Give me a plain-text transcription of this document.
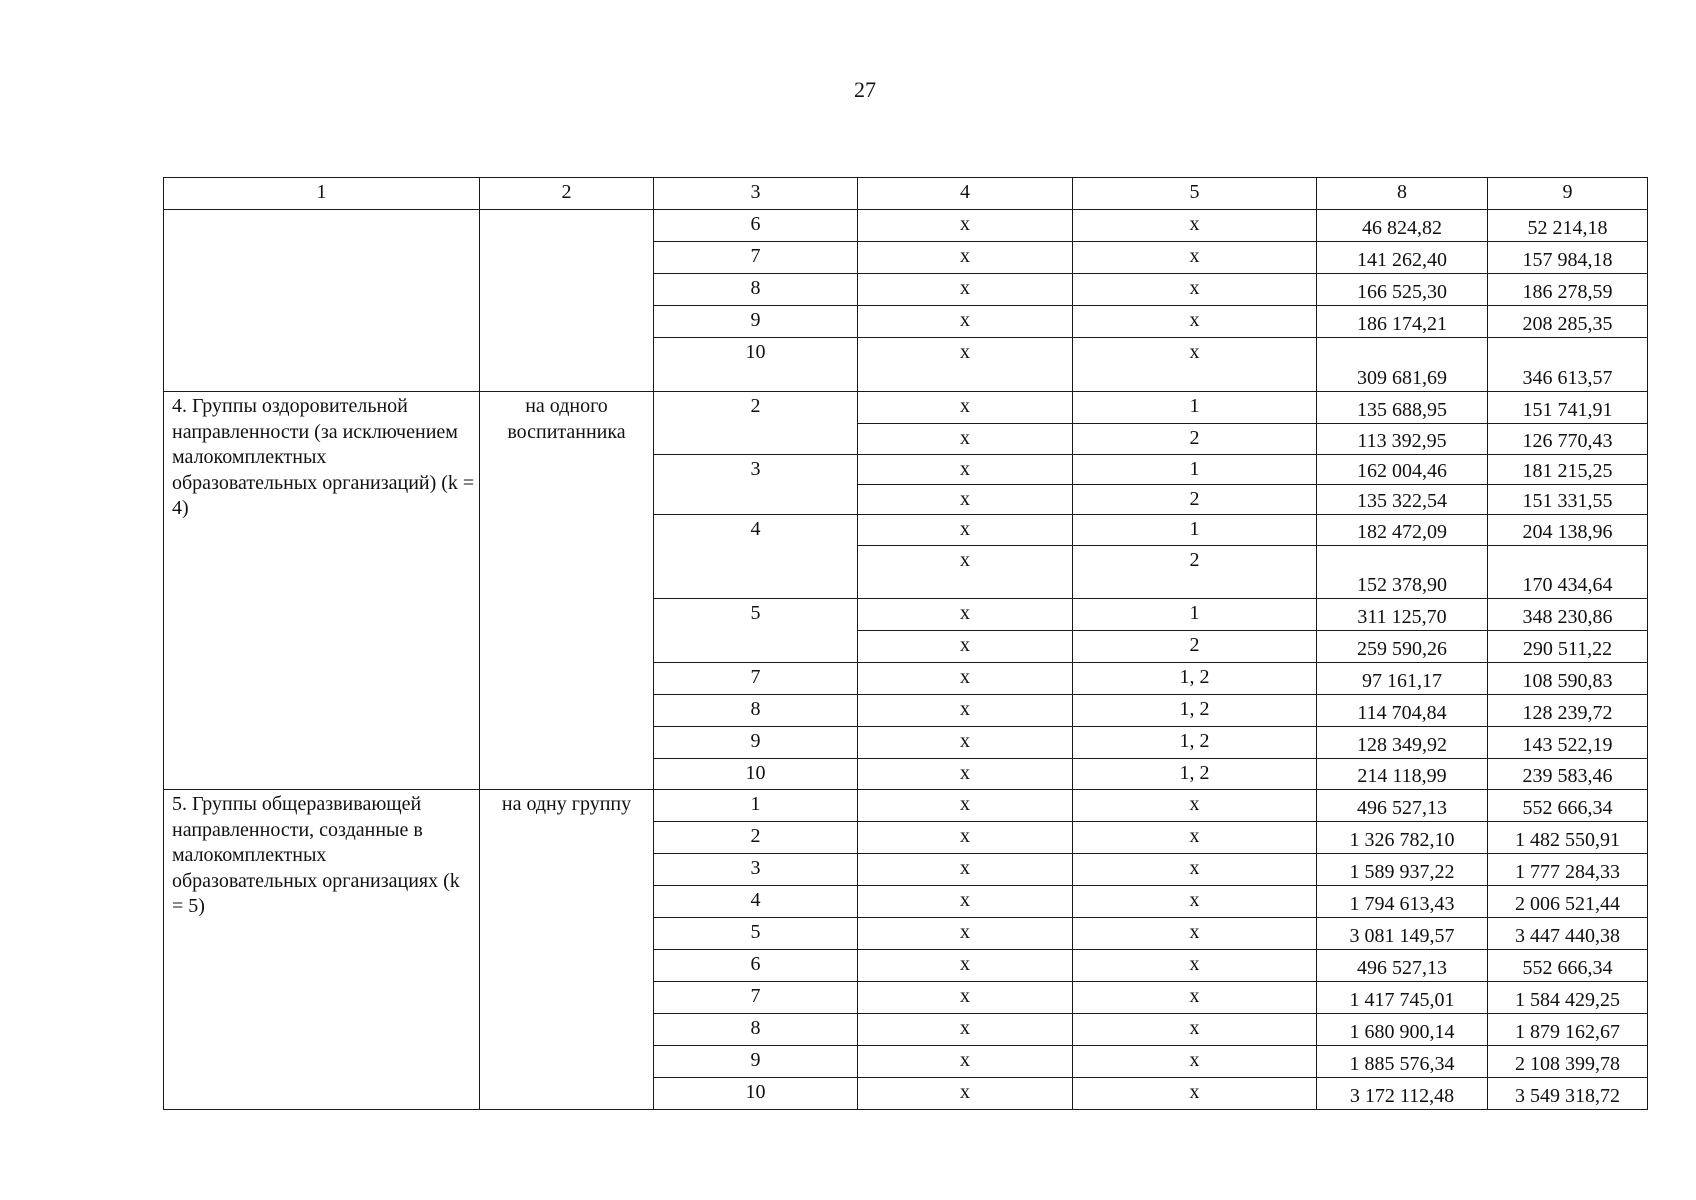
27
1	2	3	4	5	8	9
		6	x	x	46 824,82	52 214,18
		7	x	x	141 262,40	157 984,18
		8	x	x	166 525,30	186 278,59
		9	x	x	186 174,21	208 285,35
		10	x	x	309 681,69	346 613,57
4. Группы оздоровительной направленности (за исключением малокомплектных образовательных организаций) (k = 4)	на одного воспитанника	2	x	1	135 688,95	151 741,91
			x	2	113 392,95	126 770,43
		3	x	1	162 004,46	181 215,25
			x	2	135 322,54	151 331,55
		4	x	1	182 472,09	204 138,96
			x	2	152 378,90	170 434,64
		5	x	1	311 125,70	348 230,86
			x	2	259 590,26	290 511,22
		7	x	1, 2	97 161,17	108 590,83
		8	x	1, 2	114 704,84	128 239,72
		9	x	1, 2	128 349,92	143 522,19
		10	x	1, 2	214 118,99	239 583,46
5. Группы общеразвивающей направленности, созданные в малокомплектных образовательных организациях (k = 5)	на одну группу	1	x	x	496 527,13	552 666,34
		2	x	x	1 326 782,10	1 482 550,91
		3	x	x	1 589 937,22	1 777 284,33
		4	x	x	1 794 613,43	2 006 521,44
		5	x	x	3 081 149,57	3 447 440,38
		6	x	x	496 527,13	552 666,34
		7	x	x	1 417 745,01	1 584 429,25
		8	x	x	1 680 900,14	1 879 162,67
		9	x	x	1 885 576,34	2 108 399,78
		10	x	x	3 172 112,48	3 549 318,72
